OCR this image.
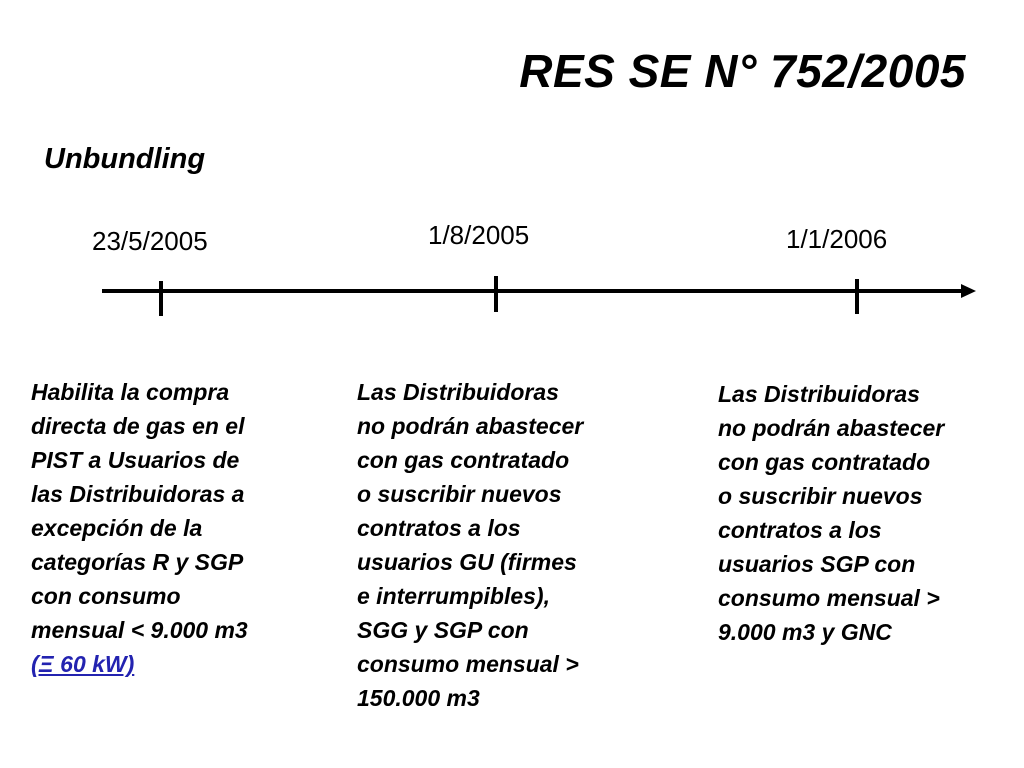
RES SE N° 752/2005
Unbundling
23/5/2005	1/8/2005	1/1/2006
Habilita la compra
directa de gas en el
PIST a Usuarios de
las Distribuidoras a
excepción de la
categorías R y SGP
con consumo
mensual < 9.000 m3
(Ξ 60 kW)
Las Distribuidoras
no podrán abastecer
con gas contratado
o suscribir nuevos
contratos a los
usuarios GU (firmes
e interrumpibles),
SGG y SGP con
consumo mensual >
150.000 m3
Las Distribuidoras
no podrán abastecer
con gas contratado
o suscribir nuevos
contratos a los
usuarios SGP con
consumo mensual >
9.000 m3 y GNC
